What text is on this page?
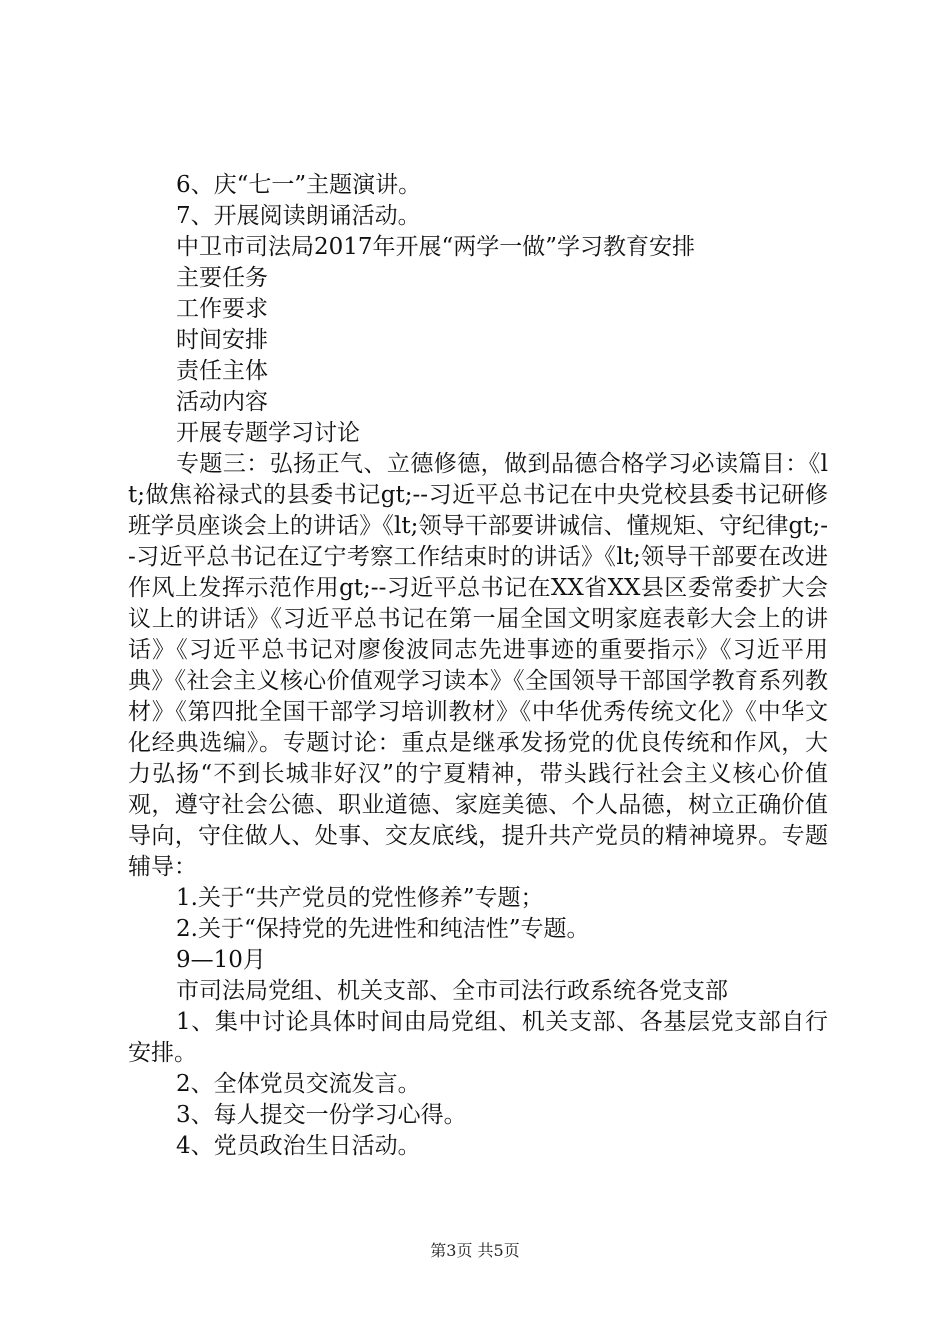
6、庆“七一”主题演讲。

7、开展阅读朗诵活动。

中卫市司法局2017年开展“两学一做”学习教育安排

主要任务

工作要求

时间安排

责任主体

活动内容

开展专题学习讨论

专题三：弘扬正气、立德修德，做到品德合格学习必读篇目：《lt;做焦裕禄式的县委书记gt;--习近平总书记在中央党校县委书记研修班学员座谈会上的讲话》《lt;领导干部要讲诚信、懂规矩、守纪律gt;--习近平总书记在辽宁考察工作结束时的讲话》《lt;领导干部要在改进作风上发挥示范作用gt;--习近平总书记在XX省XX县区委常委扩大会议上的讲话》《习近平总书记在第一届全国文明家庭表彰大会上的讲话》《习近平总书记对廖俊波同志先进事迹的重要指示》《习近平用典》《社会主义核心价值观学习读本》《全国领导干部国学教育系列教材》《第四批全国干部学习培训教材》《中华优秀传统文化》《中华文化经典选编》。专题讨论：重点是继承发扬党的优良传统和作风，大力弘扬“不到长城非好汉”的宁夏精神，带头践行社会主义核心价值观，遵守社会公德、职业道德、家庭美德、个人品德，树立正确价值导向，守住做人、处事、交友底线，提升共产党员的精神境界。专题辅导：

1.关于“共产党员的党性修养”专题；

2.关于“保持党的先进性和纯洁性”专题。

9—10月

市司法局党组、机关支部、全市司法行政系统各党支部

1、集中讨论具体时间由局党组、机关支部、各基层党支部自行安排。

2、全体党员交流发言。

3、每人提交一份学习心得。

4、党员政治生日活动。

第3页 共5页
